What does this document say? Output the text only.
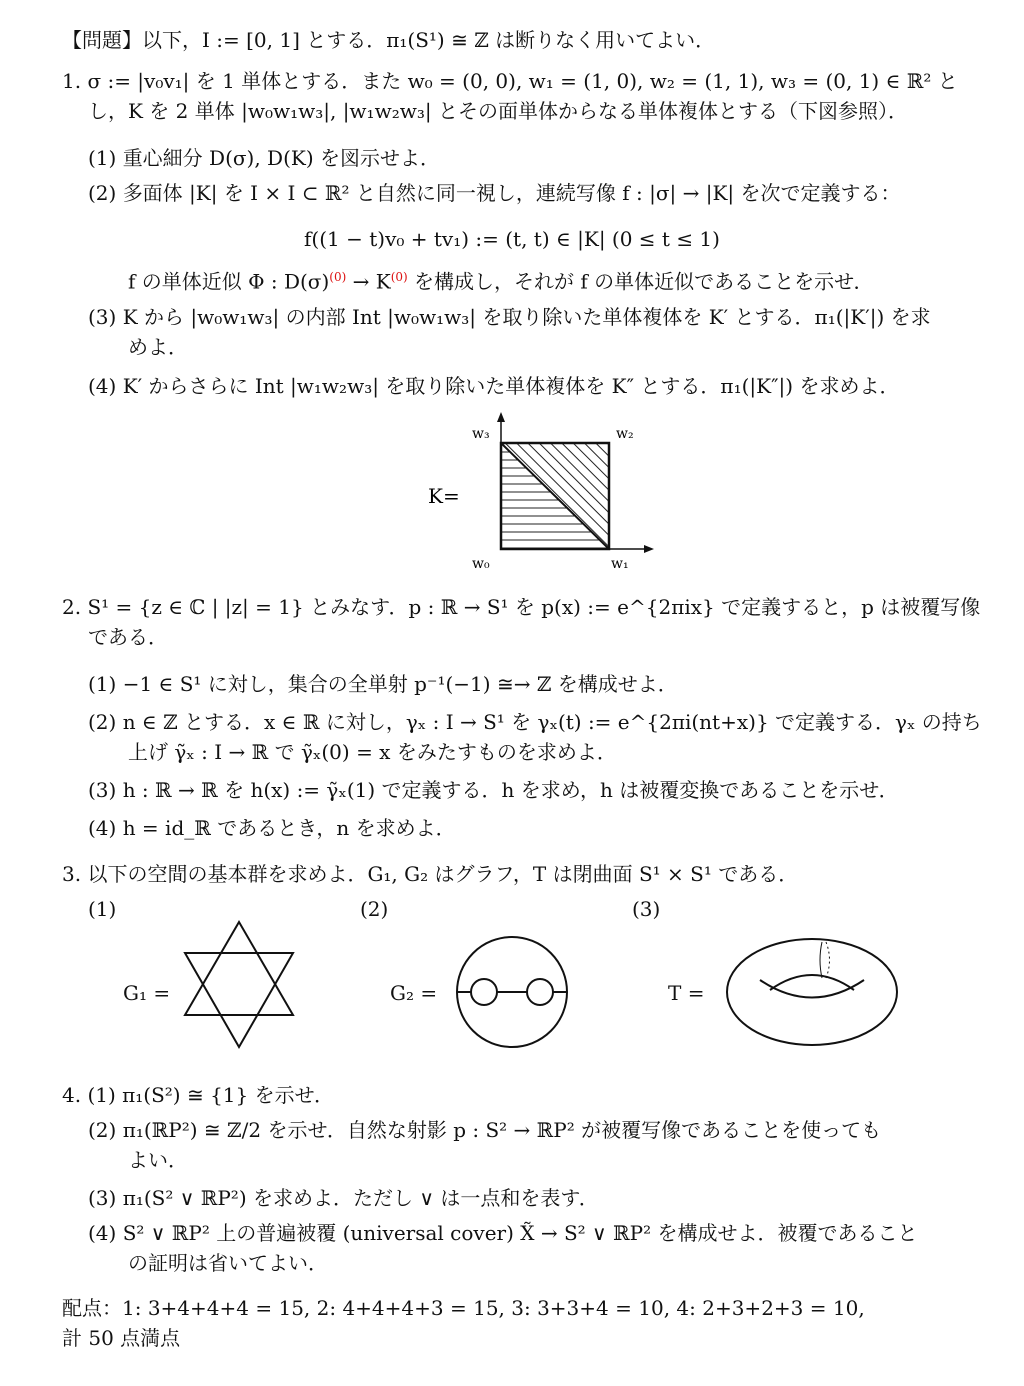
【問題】以下，I := [0, 1] とする．π₁(S¹) ≅ ℤ は断りなく用いてよい．
1. σ := |v₀v₁| を 1 単体とする．また w₀ = (0, 0), w₁ = (1, 0), w₂ = (1, 1), w₃ = (0, 1) ∈ ℝ² と
し，K を 2 単体 |w₀w₁w₃|, |w₁w₂w₃| とその面単体からなる単体複体とする（下図参照）．
(1) 重心細分 D(σ), D(K) を図示せよ．
(2) 多面体 |K| を I × I ⊂ ℝ² と自然に同一視し，連続写像 f : |σ| → |K| を次で定義する：
f((1 − t)v₀ + tv₁) := (t, t) ∈ |K| (0 ≤ t ≤ 1)
f の単体近似 Φ : $D(\sigma)^{(0)} \to K^{(0)}$ を構成し，それが f の単体近似であることを示せ．
(3) K から |w₀w₁w₃| の内部 Int |w₀w₁w₃| を取り除いた単体複体を K′ とする．π₁(|K′|) を求
めよ．
(4) K′ からさらに Int |w₁w₂w₃| を取り除いた単体複体を K″ とする．π₁(|K″|) を求めよ．
K=
w₃	w₂
w₀	w₁
2. S¹ = {z ∈ ℂ | |z| = 1} とみなす．p : ℝ → S¹ を p(x) := e^{2πix} で定義すると，p は被覆写像
である．
(1) −1 ∈ S¹ に対し，集合の全単射 p⁻¹(−1) ≅→ ℤ を構成せよ．
(2) n ∈ ℤ とする．x ∈ ℝ に対し，γₓ : I → S¹ を γₓ(t) := e^{2πi(nt+x)} で定義する．γₓ の持ち
上げ γ̃ₓ : I → ℝ で γ̃ₓ(0) = x をみたすものを求めよ．
(3) h : ℝ → ℝ を h(x) := γ̃ₓ(1) で定義する．h を求め，h は被覆変換であることを示せ．
(4) h = id_ℝ であるとき，n を求めよ．
3. 以下の空間の基本群を求めよ．G₁, G₂ はグラフ，T は閉曲面 S¹ × S¹ である．
(1)	(2)	(3)
G₁ =	G₂ =	T =
4. (1) π₁(S²) ≅ {1} を示せ．
(2) π₁(ℝP²) ≅ ℤ/2 を示せ．自然な射影 p : S² → ℝP² が被覆写像であることを使っても
よい．
(3) π₁(S² ∨ ℝP²) を求めよ．ただし ∨ は一点和を表す．
(4) S² ∨ ℝP² 上の普遍被覆 (universal cover) X̃ → S² ∨ ℝP² を構成せよ．被覆であること
の証明は省いてよい．
配点：1: 3+4+4+4 = 15, 2: 4+4+4+3 = 15, 3: 3+3+4 = 10, 4: 2+3+2+3 = 10,
計 50 点満点
